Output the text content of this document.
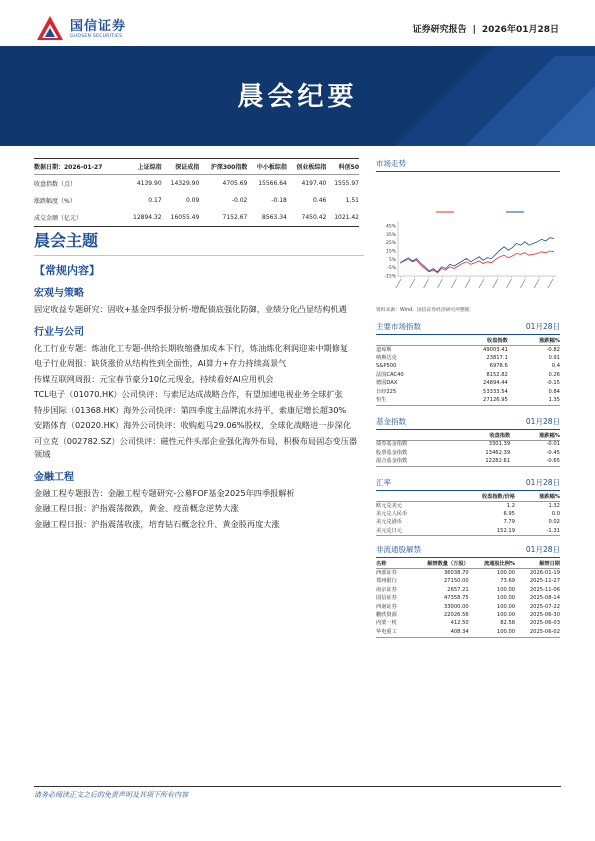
国信证券
GUOSEN SECURITIES
证券研究报告 | 2026年01月28日
晨会纪要
数据日期：2026-01-27	上证综指	深证成指	沪深300指数	中小板综指	创业板综指	科创50
收盘指数（点）	4139.90	14329.90	4705.69	15566.64	4197.40	1555.97
涨跌幅度（%）	0.17	0.09	-0.02	-0.18	0.46	1.51
成交金额（亿元）	12894.32	16055.49	7152.67	8563.34	7450.42	1021.42
晨会主题
【常规内容】
宏观与策略
固定收益专题研究：固收+基金四季报分析-增配债底强化防御，业绩分化凸显结构机遇
行业与公司
化工行业专题：炼油化工专题-供给长期收缩叠加成本下行，炼油炼化利润迎来中期修复
电子行业周报：缺货涨价从结构性到全面性，AI算力+存力持续高景气
传媒互联网周报：元宝春节豪分10亿元现金，持续看好AI应用机会
TCL电子（01070.HK）公司快评：与索尼达成战略合作，有望加速电视业务全球扩张
特步国际（01368.HK）海外公司快评：第四季度主品牌流水持平，索康尼增长超30%
安踏体育（02020.HK）海外公司快评：收购彪马29.06%股权，全球化战略进一步深化
可立克（002782.SZ）公司快评：磁性元件头部企业强化海外布局，积极布局固态变压器领域
金融工程
金融工程专题报告：金融工程专题研究-公募FOF基金2025年四季报解析
金融工程日报：沪指震荡微跌，黄金、疫苗概念逆势大涨
金融工程日报：沪指震荡收涨，培育钻石概念拉升、黄金股再度大涨
市场走势
45%
35%
25%
15%
5%
-5%
-15%
资料来源：Wind、国信证券经济研究所整理
主要市场指数	01月28日
	收盘指数	涨跌幅%
道琼斯	49003.41	-0.82
纳斯达克	23817.1	0.91
S&P500	6978.6	0.4
法国CAC40	8152.82	0.26
德国DAX	24894.44	-0.15
日经225	53333.54	0.84
恒生	27126.95	1.35
基金指数	01月28日
	收盘指数	涨跌幅%
债券基金指数	3301.39	-0.01
股票基金指数	13462.39	-0.45
混合基金指数	12282.61	-0.65
汇率	01月28日
	收盘指数/价格	涨跌幅%
欧元兑美元	1.2	1.32
美元兑人民币	6.95	0.0
美元兑港币	7.79	0.02
美元兑日元	152.19	-1.31
非流通股解禁	01月28日
名称	解禁数量（万股）	流通股比例%	解禁日期
西部证券	36038.70	100.00	2026-01-19
郑州银行	27150.00	73.69	2025-11-27
南京证券	2657.21	100.00	2025-11-06
国信证券	47358.75	100.00	2025-08-14
西南证券	33000.00	100.00	2025-07-22
鹏欣资源	22026.56	100.00	2025-06-30
内蒙一机	412.50	82.58	2025-06-03
华电重工	408.34	100.00	2025-06-02
请务必阅读正文之后的免责声明及其项下所有内容
